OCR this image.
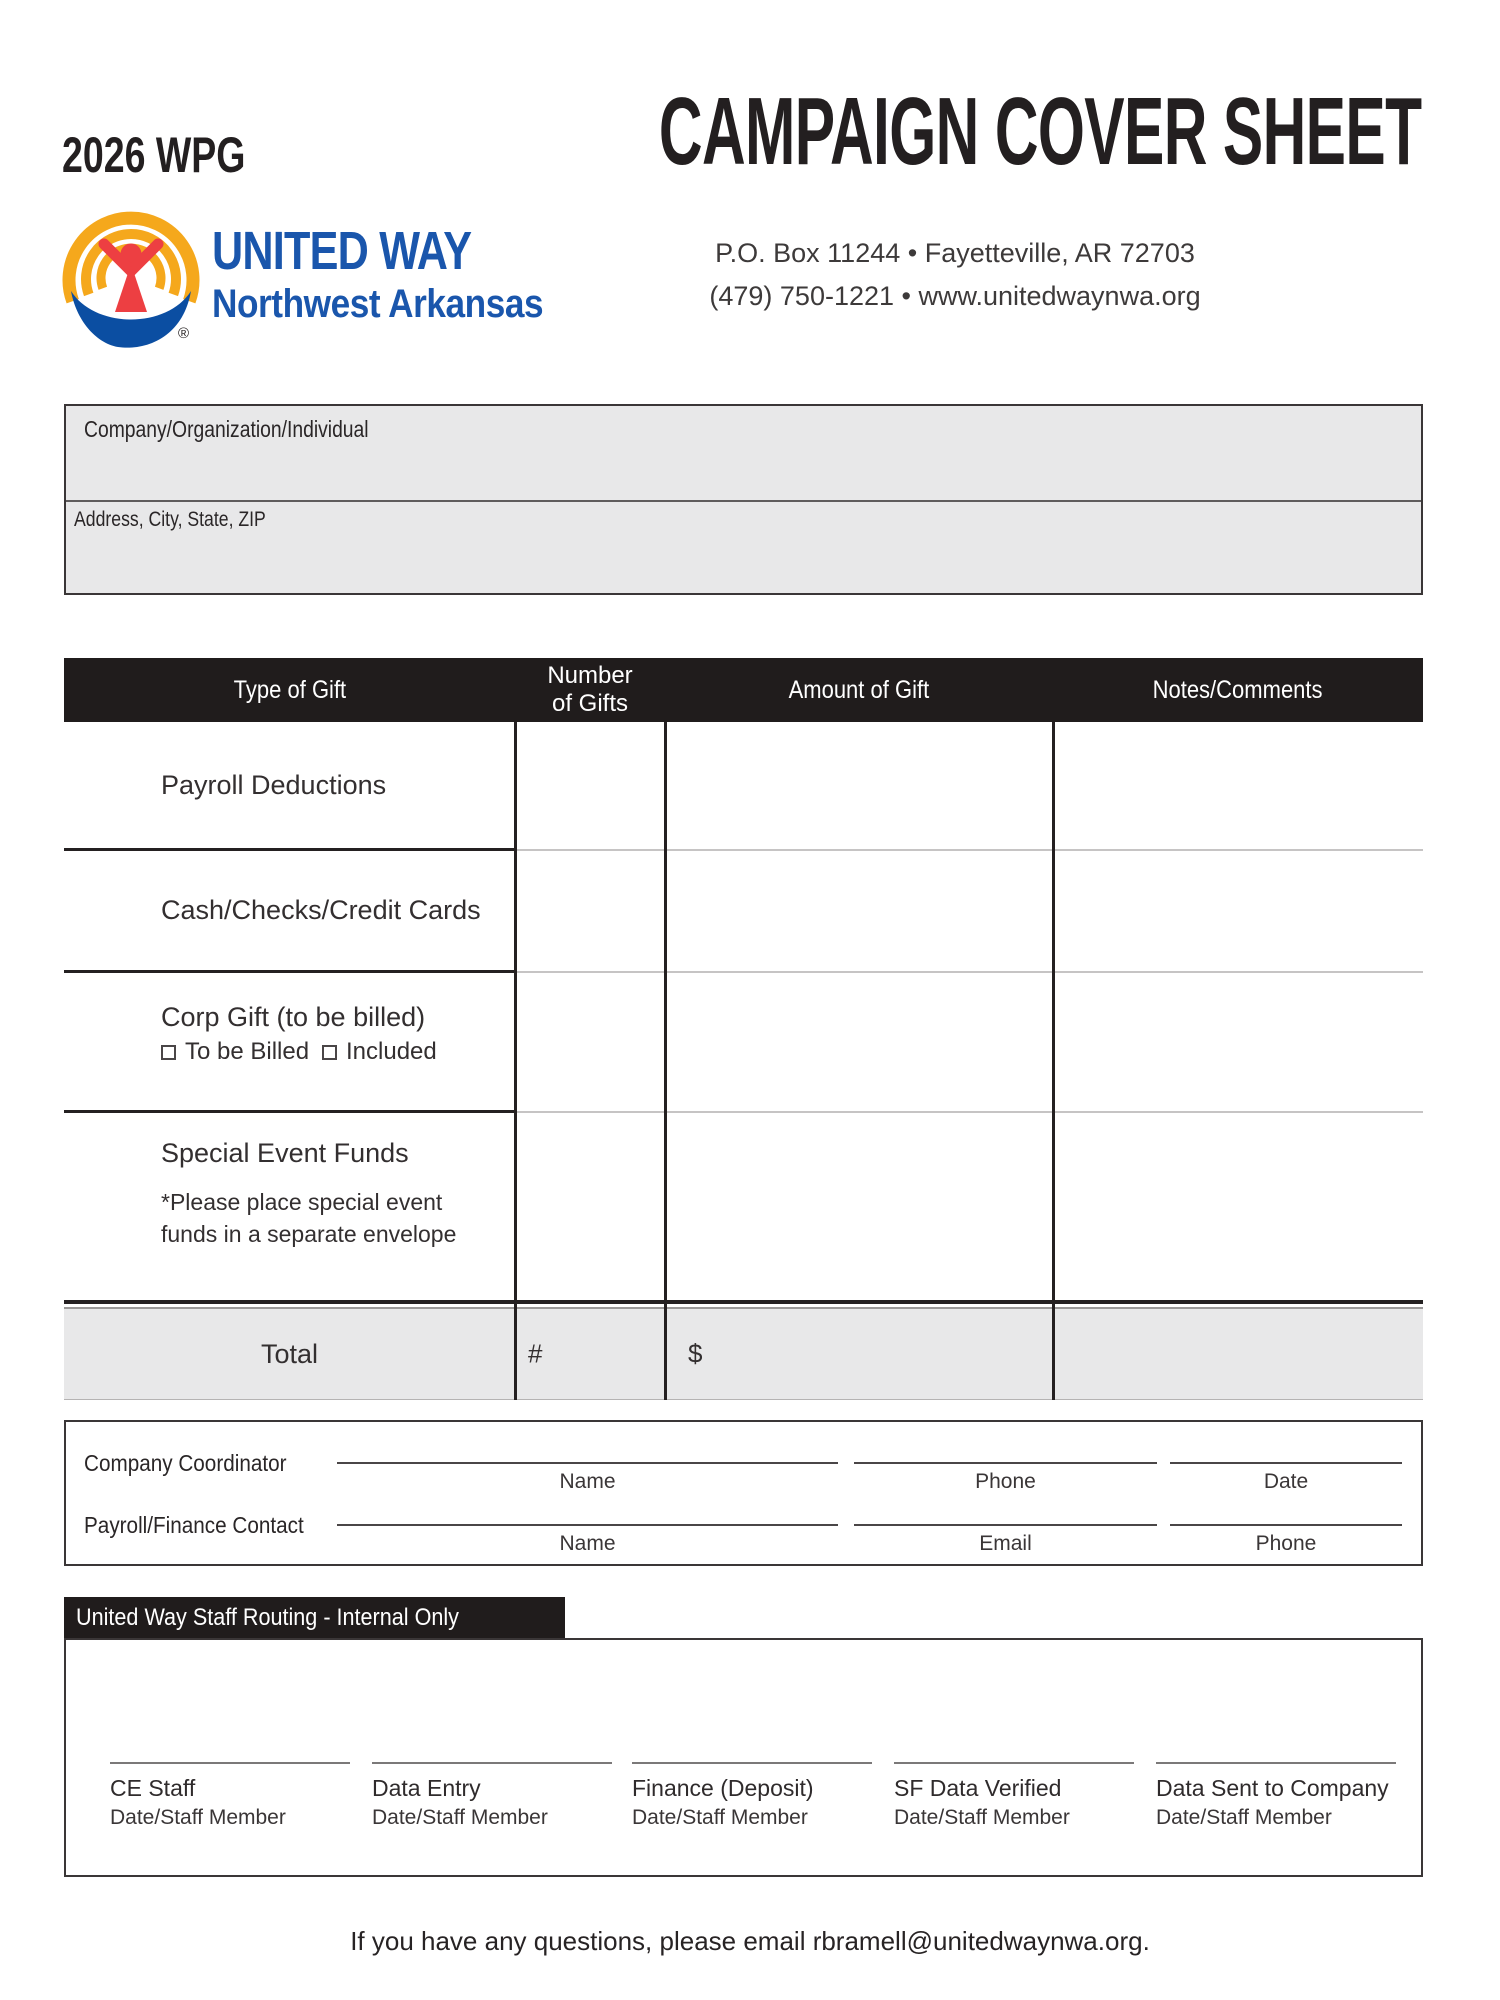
2026 WPG	CAMPAIGN COVER SHEET
®
UNITED WAY
Northwest Arkansas
P.O. Box 11244 • Fayetteville, AR 72703
(479) 750-1221 • www.unitedwaynwa.org
Company/Organization/Individual
Address, City, State, ZIP
Type of Gift	Number of Gifts	Amount of Gift	Notes/Comments
Payroll Deductions
Cash/Checks/Credit Cards
Corp Gift (to be billed)
To be Billed Included
Special Event Funds
*Please place special event funds in a separate envelope
Total	#	$
Company Coordinator
Name	Phone	Date
Payroll/Finance Contact
Name	Email	Phone
United Way Staff Routing - Internal Only
CE Staff
Date/Staff Member
Data Entry
Date/Staff Member
Finance (Deposit)
Date/Staff Member
SF Data Verified
Date/Staff Member
Data Sent to Company
Date/Staff Member
If you have any questions, please email rbramell@unitedwaynwa.org.
